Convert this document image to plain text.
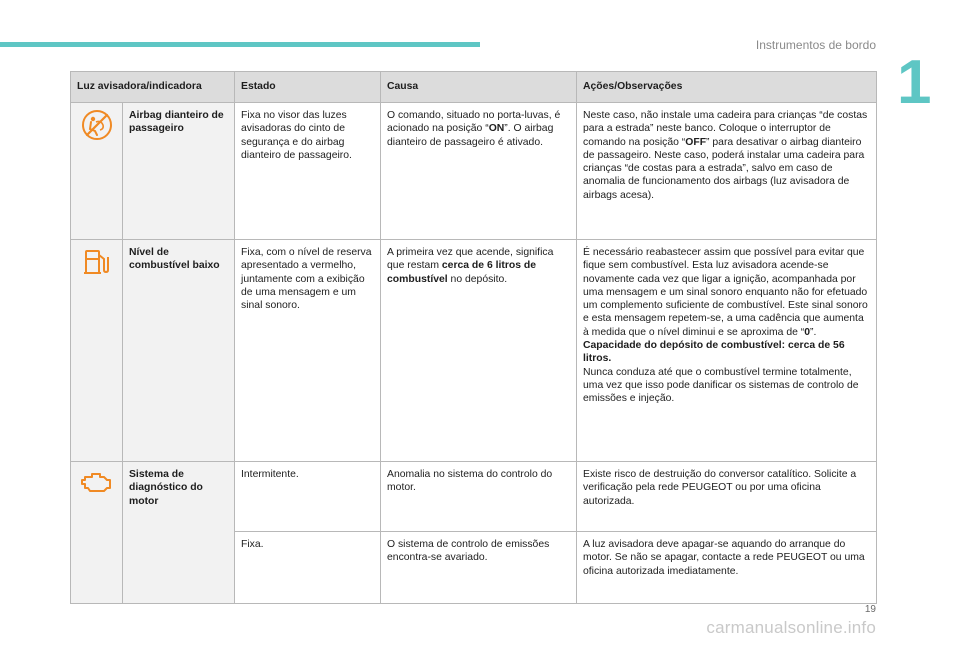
Instrumentos de bordo
1
Luz avisadora/indicadora		Estado	Causa	Ações/Observações
	Airbag dianteiro de passageiro	Fixa no visor das luzes avisadoras do cinto de segurança e do airbag dianteiro de passageiro.	O comando, situado no porta-luvas, é acionado na posição “ON”. O airbag dianteiro de passageiro é ativado.	Neste caso, não instale uma cadeira para crianças “de costas para a estrada” neste banco. Coloque o interruptor de comando na posição “OFF” para desativar o airbag dianteiro de passageiro. Neste caso, poderá instalar uma cadeira para crianças “de costas para a estrada”, salvo em caso de anomalia de funcionamento dos airbags (luz avisadora de airbags acesa).
	Nível de combustível baixo	Fixa, com o nível de reserva apresentado a vermelho, juntamente com a exibição de uma mensagem e um sinal sonoro.	A primeira vez que acende, significa que restam cerca de 6 litros de combustível no depósito.	É necessário reabastecer assim que possível para evitar que fique sem combustível. Esta luz avisadora acende-se novamente cada vez que ligar a ignição, acompanhada por uma mensagem e um sinal sonoro enquanto não for efetuado um complemento suficiente de combustível. Este sinal sonoro e esta mensagem repetem-se, a uma cadência que aumenta à medida que o nível diminui e se aproxima de “0”.
Capacidade do depósito de combustível: cerca de 56 litros.
Nunca conduza até que o combustível termine totalmente, uma vez que isso pode danificar os sistemas de controlo de emissões e injeção.
	Sistema de diagnóstico do motor	Intermitente.	Anomalia no sistema do controlo do motor.	Existe risco de destruição do conversor catalítico. Solicite a verificação pela rede PEUGEOT ou por uma oficina autorizada.
		Fixa.	O sistema de controlo de emissões encontra-se avariado.	A luz avisadora deve apagar-se aquando do arranque do motor. Se não se apagar, contacte a rede PEUGEOT ou uma oficina autorizada imediatamente.
19
carmanualsonline.info
